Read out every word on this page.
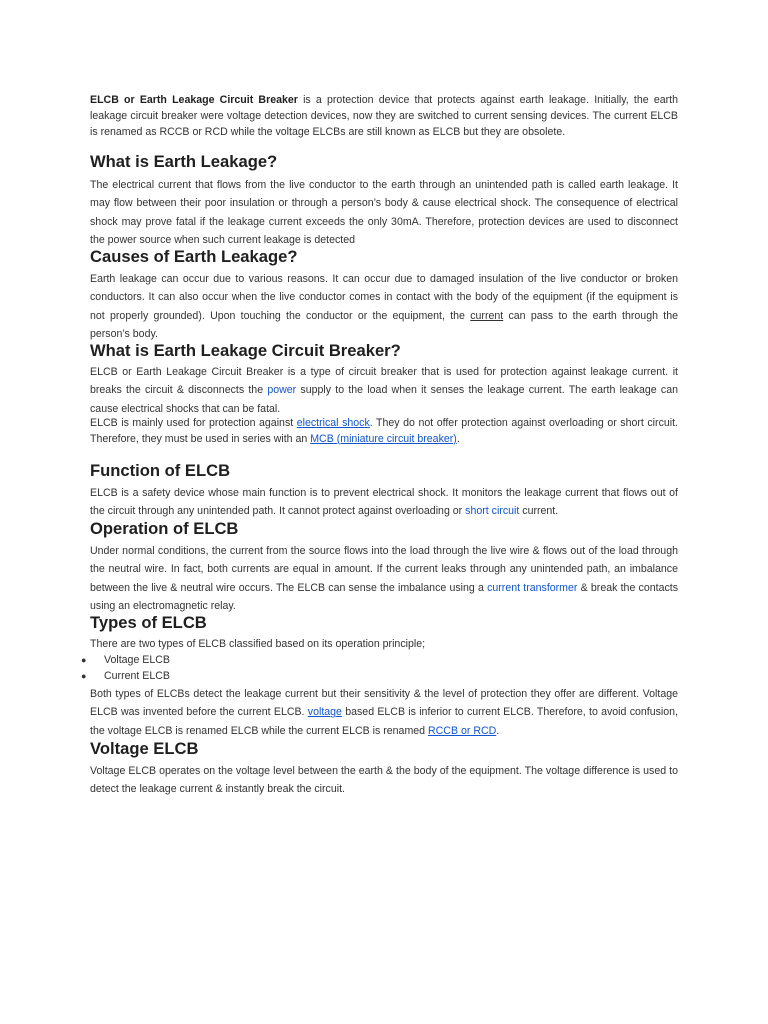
ELCB or Earth Leakage Circuit Breaker is a protection device that protects against earth leakage. Initially, the earth leakage circuit breaker were voltage detection devices, now they are switched to current sensing devices. The current ELCB is renamed as RCCB or RCD while the voltage ELCBs are still known as ELCB but they are obsolete.

What is Earth Leakage?

The electrical current that flows from the live conductor to the earth through an unintended path is called earth leakage. It may flow between their poor insulation or through a person’s body & cause electrical shock. The consequence of electrical shock may prove fatal if the leakage current exceeds the only 30mA. Therefore, protection devices are used to disconnect the power source when such current leakage is detected

Causes of Earth Leakage?

Earth leakage can occur due to various reasons. It can occur due to damaged insulation of the live conductor or broken conductors. It can also occur when the live conductor comes in contact with the body of the equipment (if the equipment is not properly grounded). Upon touching the conductor or the equipment, the current can pass to the earth through the person’s body.

What is Earth Leakage Circuit Breaker?

ELCB or Earth Leakage Circuit Breaker is a type of circuit breaker that is used for protection against leakage current. it breaks the circuit & disconnects the power supply to the load when it senses the leakage current. The earth leakage can cause electrical shocks that can be fatal.

ELCB is mainly used for protection against electrical shock. They do not offer protection against overloading or short circuit. Therefore, they must be used in series with an MCB (miniature circuit breaker).

Function of ELCB

ELCB is a safety device whose main function is to prevent electrical shock. It monitors the leakage current that flows out of the circuit through any unintended path. It cannot protect against overloading or short circuit current.

Operation of ELCB

Under normal conditions, the current from the source flows into the load through the live wire & flows out of the load through the neutral wire. In fact, both currents are equal in amount. If the current leaks through any unintended path, an imbalance between the live & neutral wire occurs. The ELCB can sense the imbalance using a current transformer & break the contacts using an electromagnetic relay.

Types of ELCB

There are two types of ELCB classified based on its operation principle;

● Voltage ELCB
● Current ELCB

Both types of ELCBs detect the leakage current but their sensitivity & the level of protection they offer are different. Voltage ELCB was invented before the current ELCB. voltage based ELCB is inferior to current ELCB. Therefore, to avoid confusion, the voltage ELCB is renamed ELCB while the current ELCB is renamed RCCB or RCD.

Voltage ELCB

Voltage ELCB operates on the voltage level between the earth & the body of the equipment. The voltage difference is used to detect the leakage current & instantly break the circuit.
